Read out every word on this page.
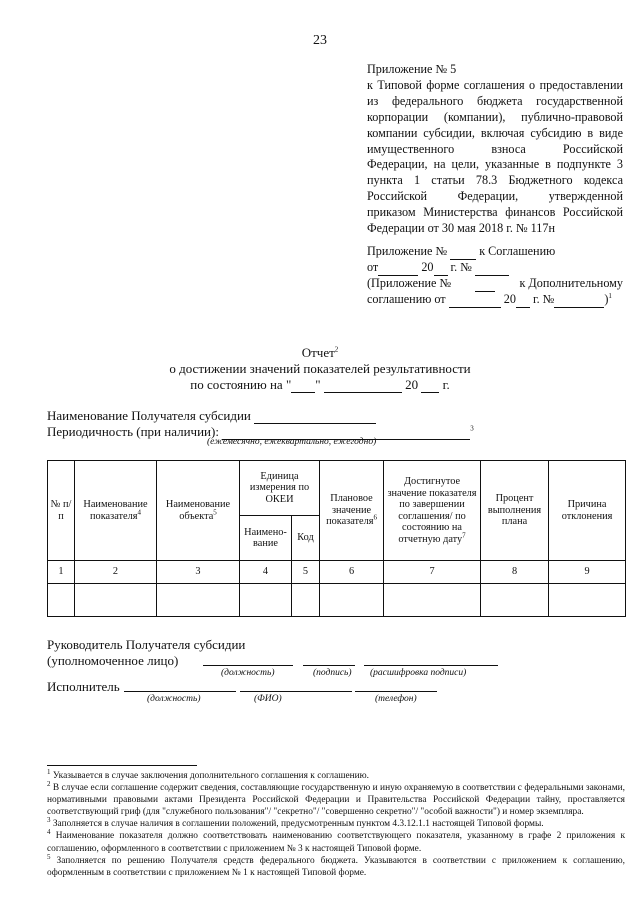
23
Приложение № 5
к Типовой форме соглашения о предоставлении
из федерального бюджета государственной
корпорации (компании), публично-правовой
компании субсидии, включая субсидию в виде
имущественного взноса Российской
Федерации, на цели, указанные в подпункте 3
пункта 1 статьи 78.3 Бюджетного кодекса
Российской Федерации, утвержденной
приказом Министерства финансов Российской
Федерации от 30 мая 2018 г. № 117н
Приложение №	к Соглашению
от	20 г. №
(Приложение №	к Дополнительному
соглашению от	20 г. №	)$^1$
Отчет$^2$
о достижении значений показателей результативности
по состоянию на " "	20 г.
Наименование Получателя субсидии
Периодичность (при наличии):	$^3$
(ежемесячно, ежеквартально, ежегодно)
№ п/п	Наименование показателя$^4$	Наименование объекта$^5$	Единица измерения по ОКЕИ		Плановое значение показателя$^6$	Достигнутое значение показателя по завершении соглашения/ по состоянию на отчетную дату$^7$	Процент выполнения плана	Причина отклонения
			Наимено-вание	Код				
1	2	3	4	5	6	7	8	9

Руководитель Получателя субсидии
(уполномоченное лицо)
(должность)	(подпись) (расшифровка подписи)
Исполнитель
(должность)	(ФИО)	(телефон)

$^1$ Указывается в случае заключения дополнительного соглашения к соглашению.

$^2$ В случае если соглашение содержит сведения, составляющие государственную и иную охраняемую в соответствии с федеральными законами, нормативными правовыми актами Президента Российской Федерации и Правительства Российской Федерации тайну, проставляется соответствующий гриф (для "служебного пользования"/ "секретно"/ "совершенно секретно"/ "особой важности") и номер экземпляра.

$^3$ Заполняется в случае наличия в соглашении положений, предусмотренным пунктом 4.3.12.1.1 настоящей Типовой формы.

$^4$ Наименование показателя должно соответствовать наименованию соответствующего показателя, указанному в графе 2 приложения к соглашению, оформленного в соответствии с приложением № 3 к настоящей Типовой форме.

$^5$ Заполняется по решению Получателя средств федерального бюджета. Указываются в соответствии с приложением к соглашению, оформленным в соответствии с приложением № 1 к настоящей Типовой форме.
